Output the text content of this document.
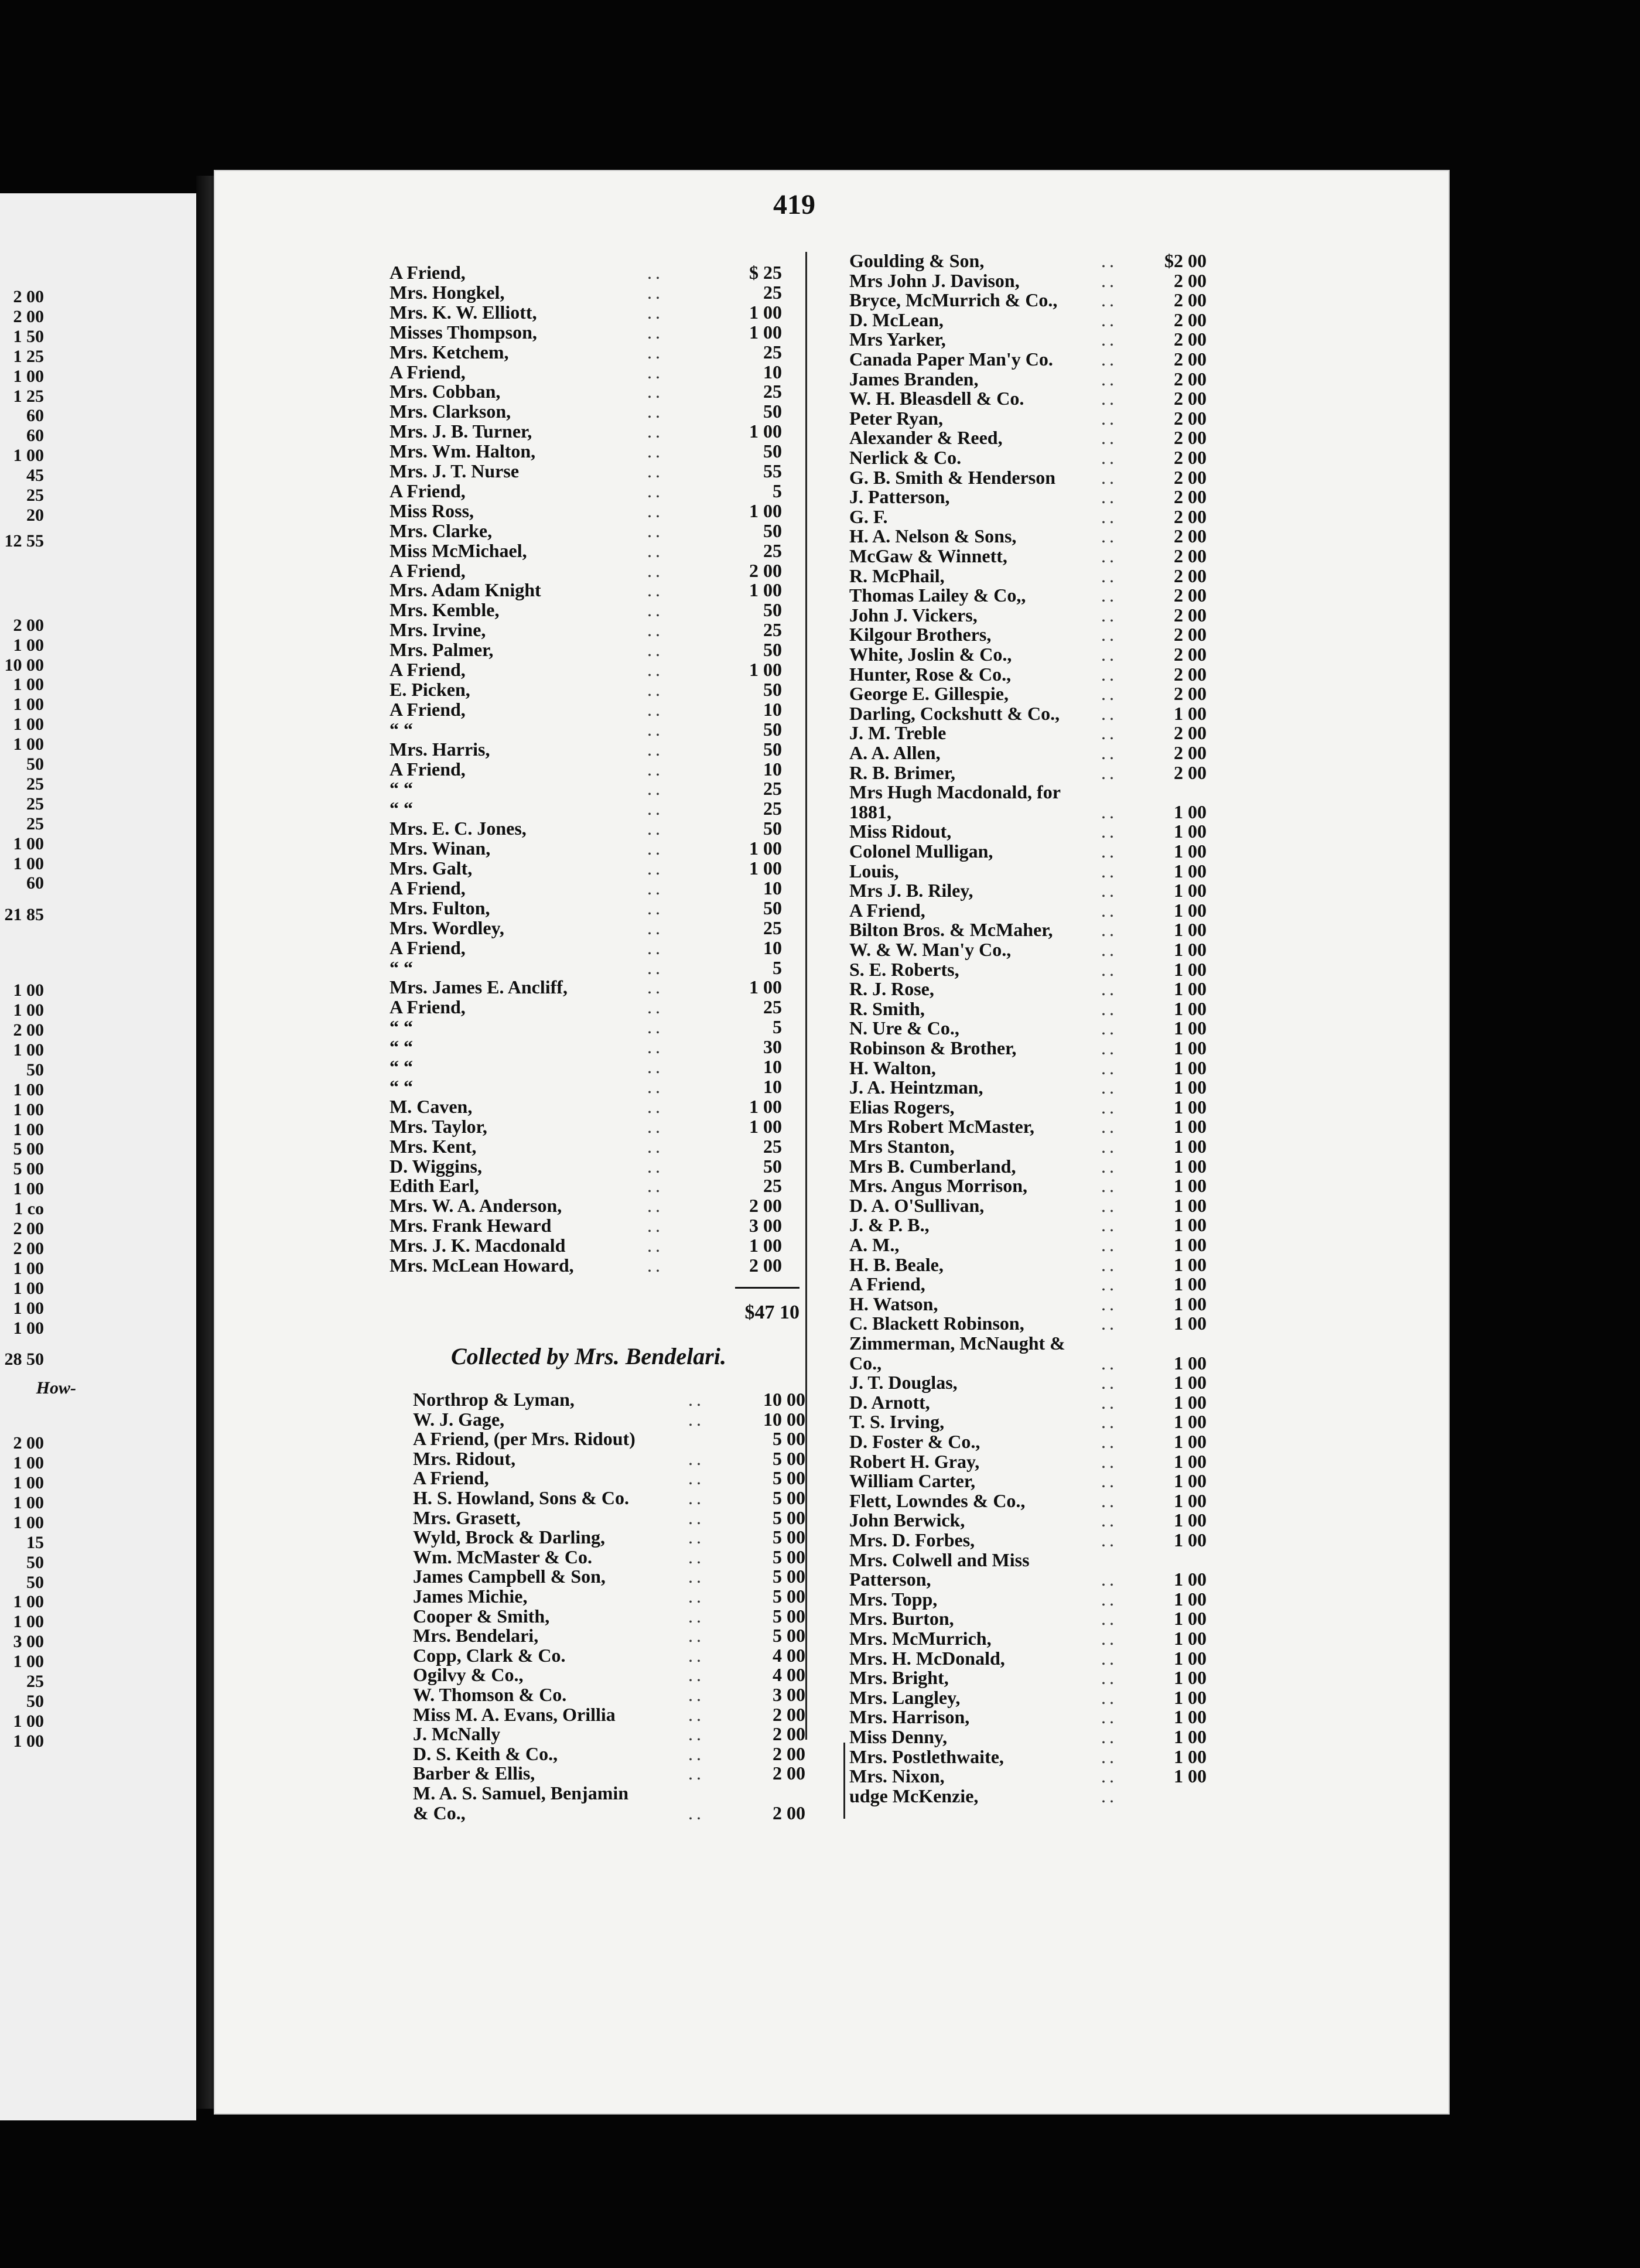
2 00
2 00
1 50
1 25
1 00
1 25
60
60
1 00
45
25
20
12 55
2 00
1 00
10 00
1 00
1 00
1 00
1 00
50
25
25
25
1 00
1 00
60
21 85
1 00
1 00
2 00
1 00
50
1 00
1 00
1 00
5 00
5 00
1 00
1 co
2 00
2 00
1 00
1 00
1 00
1 00
28 50
How-
2 00
1 00
1 00
1 00
1 00
15
50
50
1 00
1 00
3 00
1 00
25
50
1 00
1 00
419
A Friend,	..	$ 25
Mrs. Hongkel,	..	25
Mrs. K. W. Elliott,	..	1 00
Misses Thompson,	..	1 00
Mrs. Ketchem,	..	25
A Friend,	..	10
Mrs. Cobban,	..	25
Mrs. Clarkson,	..	50
Mrs. J. B. Turner,	..	1 00
Mrs. Wm. Halton,	..	50
Mrs. J. T. Nurse	..	55
A Friend,	..	5
Miss Ross,	..	1 00
Mrs. Clarke,	..	50
Miss McMichael,	..	25
A Friend,	..	2 00
Mrs. Adam Knight	..	1 00
Mrs. Kemble,	..	50
Mrs. Irvine,	..	25
Mrs. Palmer,	..	50
A Friend,	..	1 00
E. Picken,	..	50
A Friend,	..	10
“ “	..	50
Mrs. Harris,	..	50
A Friend,	..	10
“ “	..	25
“ “	..	25
Mrs. E. C. Jones,	..	50
Mrs. Winan,	..	1 00
Mrs. Galt,	..	1 00
A Friend,	..	10
Mrs. Fulton,	..	50
Mrs. Wordley,	..	25
A Friend,	..	10
“ “	..	5
Mrs. James E. Ancliff,	..	1 00
A Friend,	..	25
“ “	..	5
“ “	..	30
“ “	..	10
“ “	..	10
M. Caven,	..	1 00
Mrs. Taylor,	..	1 00
Mrs. Kent,	..	25
D. Wiggins,	..	50
Edith Earl,	..	25
Mrs. W. A. Anderson,	..	2 00
Mrs. Frank Heward	..	3 00
Mrs. J. K. Macdonald	..	1 00
Mrs. McLean Howard,	..	2 00
$47 10
Collected by Mrs. Bendelari.
Northrop & Lyman,	..	10 00
W. J. Gage,	..	10 00
A Friend, (per Mrs. Ridout)	5 00
Mrs. Ridout,	..	5 00
A Friend,	..	5 00
H. S. Howland, Sons & Co.	..	5 00
Mrs. Grasett,	..	5 00
Wyld, Brock & Darling,	..	5 00
Wm. McMaster & Co.	..	5 00
James Campbell & Son,	..	5 00
James Michie,	..	5 00
Cooper & Smith,	..	5 00
Mrs. Bendelari,	..	5 00
Copp, Clark & Co.	..	4 00
Ogilvy & Co.,	..	4 00
W. Thomson & Co.	..	3 00
Miss M. A. Evans, Orillia	..	2 00
J. McNally	..	2 00
D. S. Keith & Co.,	..	2 00
Barber & Ellis,	..	2 00
M. A. S. Samuel, Benjamin
& Co.,	..	2 00
Goulding & Son,	..	$2 00
Mrs John J. Davison,	..	2 00
Bryce, McMurrich & Co., ..	2 00
D. McLean,	..	2 00
Mrs Yarker,	..	2 00
Canada Paper Man'y Co.	..	2 00
James Branden,	..	2 00
W. H. Bleasdell & Co.	..	2 00
Peter Ryan,	..	2 00
Alexander & Reed,	..	2 00
Nerlick & Co.	..	2 00
G. B. Smith & Henderson ..	2 00
J. Patterson,	..	2 00
G. F.	..	2 00
H. A. Nelson & Sons,	..	2 00
McGaw & Winnett,	..	2 00
R. McPhail,	..	2 00
Thomas Lailey & Co,,	..	2 00
John J. Vickers,	..	2 00
Kilgour Brothers,	..	2 00
White, Joslin & Co.,	..	2 00
Hunter, Rose & Co.,	..	2 00
George E. Gillespie,	..	2 00
Darling, Cockshutt & Co., ..	1 00
J. M. Treble	..	2 00
A. A. Allen,	..	2 00
R. B. Brimer,	..	2 00
Mrs Hugh Macdonald, for
1881,	..	1 00
Miss Ridout,	..	1 00
Colonel Mulligan,	..	1 00
Louis,	..	1 00
Mrs J. B. Riley,	..	1 00
A Friend,	..	1 00
Bilton Bros. & McMaher,	..	1 00
W. & W. Man'y Co.,	..	1 00
S. E. Roberts,	..	1 00
R. J. Rose,	..	1 00
R. Smith,	..	1 00
N. Ure & Co.,	..	1 00
Robinson & Brother,	..	1 00
H. Walton,	..	1 00
J. A. Heintzman,	..	1 00
Elias Rogers,	..	1 00
Mrs Robert McMaster,	..	1 00
Mrs Stanton,	..	1 00
Mrs B. Cumberland,	..	1 00
Mrs. Angus Morrison,	..	1 00
D. A. O'Sullivan,	..	1 00
J. & P. B.,	..	1 00
A. M.,	..	1 00
H. B. Beale,	..	1 00
A Friend,	..	1 00
H. Watson,	..	1 00
C. Blackett Robinson,	..	1 00
Zimmerman, McNaught &
Co.,	..	1 00
J. T. Douglas,	..	1 00
D. Arnott,	..	1 00
T. S. Irving,	..	1 00
D. Foster & Co.,	..	1 00
Robert H. Gray,	..	1 00
William Carter,	..	1 00
Flett, Lowndes & Co.,	..	1 00
John Berwick,	..	1 00
Mrs. D. Forbes,	..	1 00
Mrs. Colwell and Miss
Patterson,	..	1 00
Mrs. Topp,	..	1 00
Mrs. Burton,	..	1 00
Mrs. McMurrich,	..	1 00
Mrs. H. McDonald,	..	1 00
Mrs. Bright,	..	1 00
Mrs. Langley,	..	1 00
Mrs. Harrison,	..	1 00
Miss Denny,	..	1 00
Mrs. Postlethwaite,	..	1 00
Mrs. Nixon,	..	1 00
udge McKenzie,	..
